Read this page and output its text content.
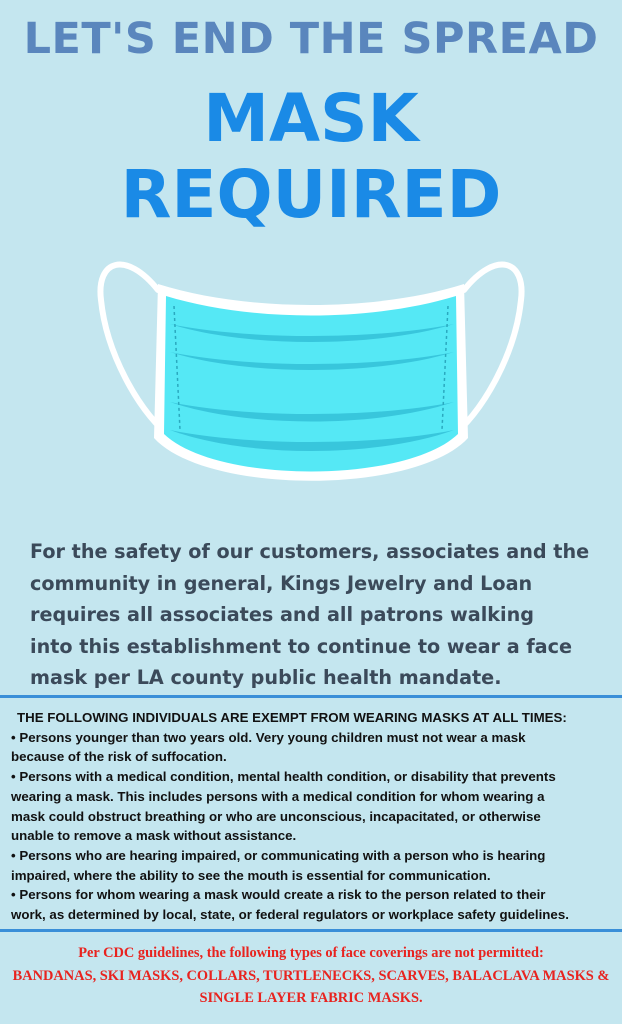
LET'S END THE SPREAD
MASK
REQUIRED
For the safety of our customers, associates and the
community in general, Kings Jewelry and Loan
requires all associates and all patrons walking
into this establishment to continue to wear a face
mask per LA county public health mandate.
THE FOLLOWING INDIVIDUALS ARE EXEMPT FROM WEARING MASKS AT ALL TIMES:
• Persons younger than two years old. Very young children must not wear a mask
because of the risk of suffocation.
• Persons with a medical condition, mental health condition, or disability that prevents
wearing a mask. This includes persons with a medical condition for whom wearing a
mask could obstruct breathing or who are unconscious, incapacitated, or otherwise
unable to remove a mask without assistance.
• Persons who are hearing impaired, or communicating with a person who is hearing
impaired, where the ability to see the mouth is essential for communication.
• Persons for whom wearing a mask would create a risk to the person related to their
work, as determined by local, state, or federal regulators or workplace safety guidelines.
Per CDC guidelines, the following types of face coverings are not permitted:
BANDANAS, SKI MASKS, COLLARS, TURTLENECKS, SCARVES, BALACLAVA MASKS &
SINGLE LAYER FABRIC MASKS.
